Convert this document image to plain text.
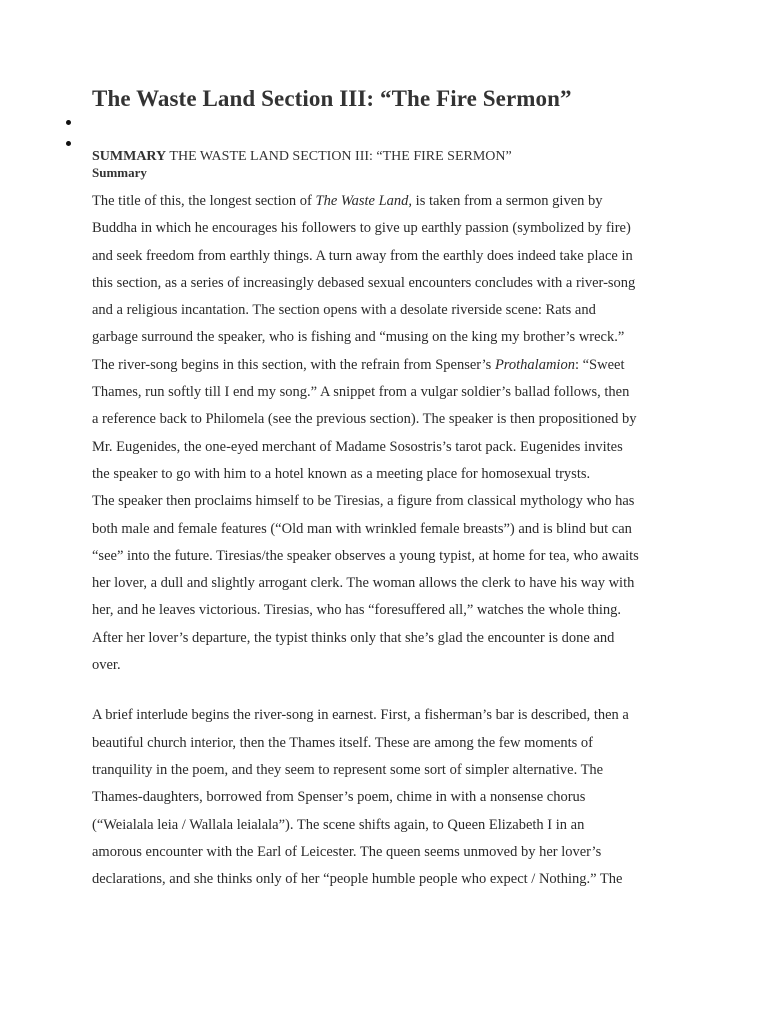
The Waste Land Section III: “The Fire Sermon”
SUMMARY THE WASTE LAND SECTION III: “THE FIRE SERMON”
Summary

The title of this, the longest section of The Waste Land, is taken from a sermon given by
Buddha in which he encourages his followers to give up earthly passion (symbolized by fire)
and seek freedom from earthly things. A turn away from the earthly does indeed take place in
this section, as a series of increasingly debased sexual encounters concludes with a river-song
and a religious incantation. The section opens with a desolate riverside scene: Rats and
garbage surround the speaker, who is fishing and “musing on the king my brother’s wreck.”
The river-song begins in this section, with the refrain from Spenser’s Prothalamion: “Sweet
Thames, run softly till I end my song.” A snippet from a vulgar soldier’s ballad follows, then
a reference back to Philomela (see the previous section). The speaker is then propositioned by
Mr. Eugenides, the one-eyed merchant of Madame Sosostris’s tarot pack. Eugenides invites
the speaker to go with him to a hotel known as a meeting place for homosexual trysts.

The speaker then proclaims himself to be Tiresias, a figure from classical mythology who has
both male and female features (“Old man with wrinkled female breasts”) and is blind but can
“see” into the future. Tiresias/the speaker observes a young typist, at home for tea, who awaits
her lover, a dull and slightly arrogant clerk. The woman allows the clerk to have his way with
her, and he leaves victorious. Tiresias, who has “foresuffered all,” watches the whole thing.
After her lover’s departure, the typist thinks only that she’s glad the encounter is done and
over.

A brief interlude begins the river-song in earnest. First, a fisherman’s bar is described, then a
beautiful church interior, then the Thames itself. These are among the few moments of
tranquility in the poem, and they seem to represent some sort of simpler alternative. The
Thames-daughters, borrowed from Spenser’s poem, chime in with a nonsense chorus
(“Weialala leia / Wallala leialala”). The scene shifts again, to Queen Elizabeth I in an
amorous encounter with the Earl of Leicester. The queen seems unmoved by her lover’s
declarations, and she thinks only of her “people humble people who expect / Nothing.” The
